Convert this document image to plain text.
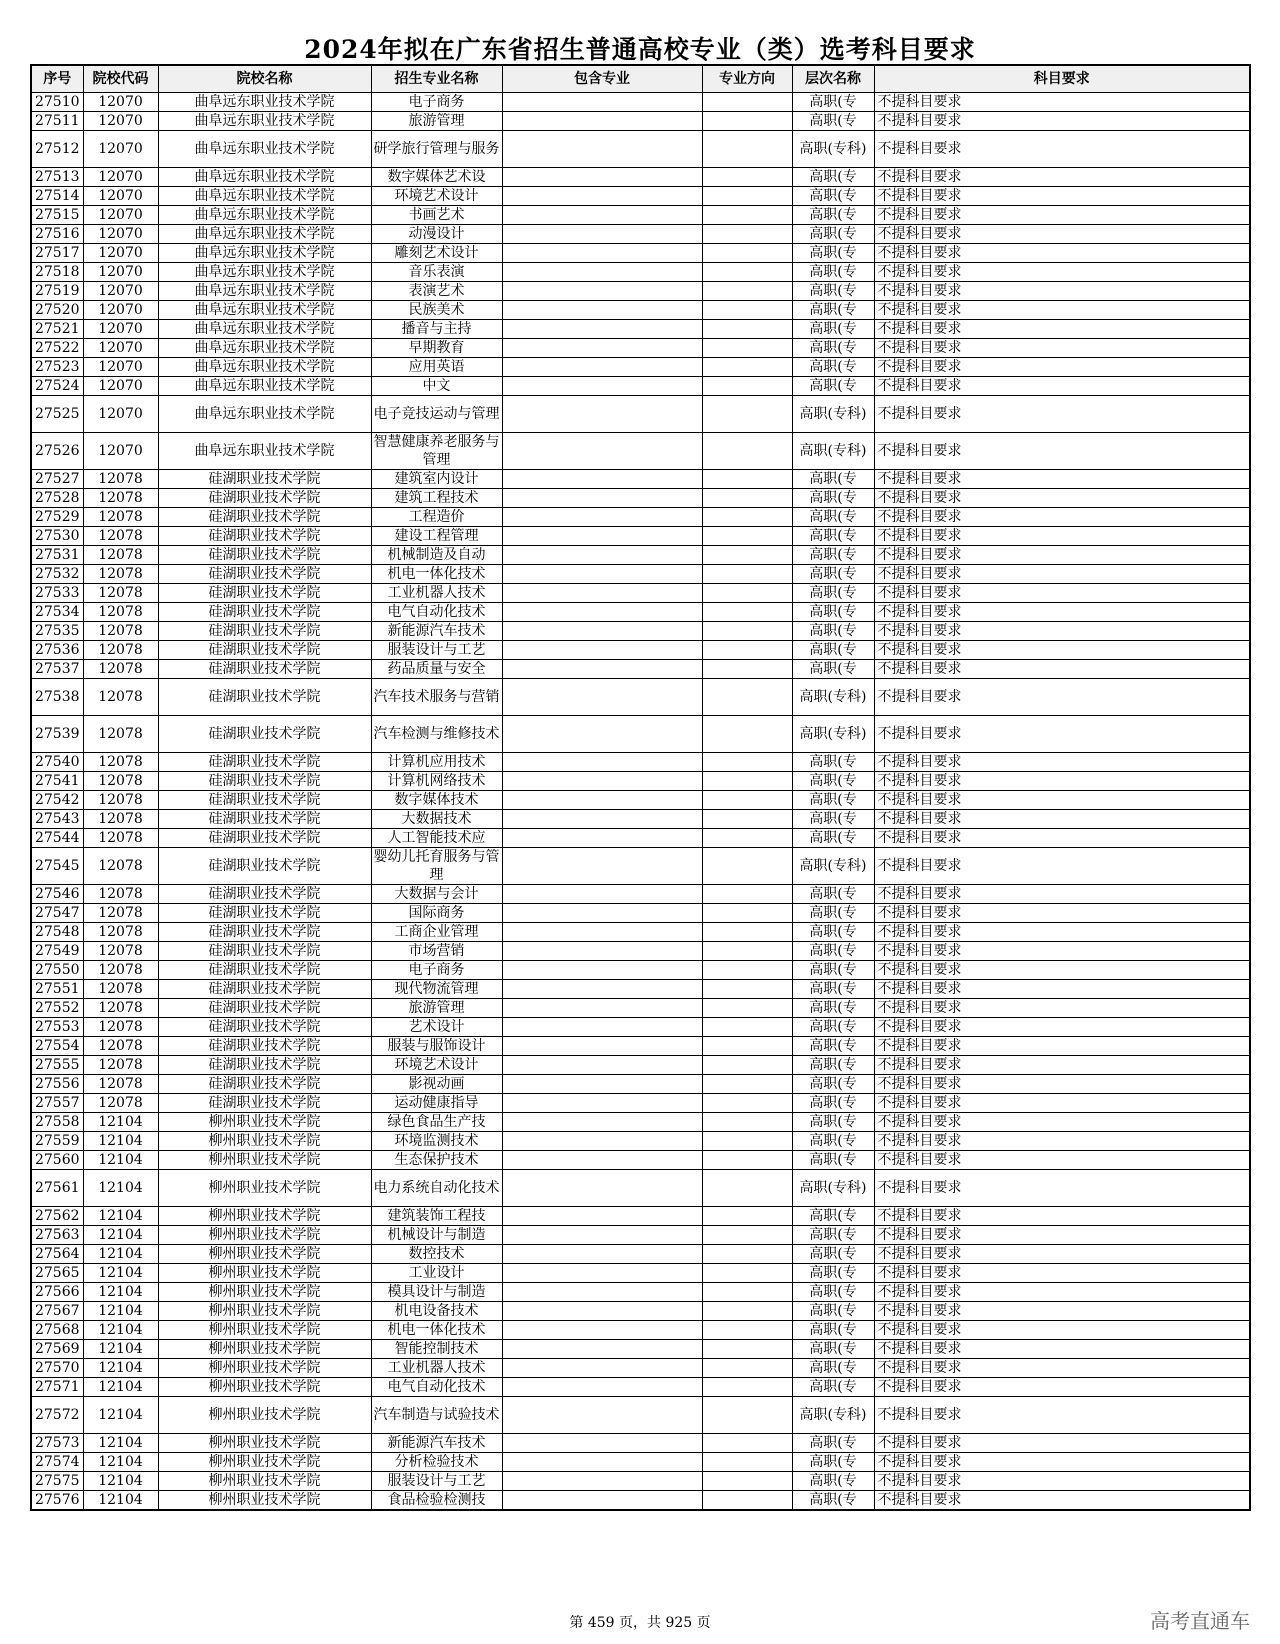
2024年拟在广东省招生普通高校专业（类）选考科目要求
序号	院校代码	院校名称	招生专业名称	包含专业	专业方向	层次名称	科目要求
27510	12070	曲阜远东职业技术学院	电子商务			高职(专	不提科目要求
27511	12070	曲阜远东职业技术学院	旅游管理			高职(专	不提科目要求
27512	12070	曲阜远东职业技术学院	研学旅行管理与服务			高职(专科)	不提科目要求
27513	12070	曲阜远东职业技术学院	数字媒体艺术设			高职(专	不提科目要求
27514	12070	曲阜远东职业技术学院	环境艺术设计			高职(专	不提科目要求
27515	12070	曲阜远东职业技术学院	书画艺术			高职(专	不提科目要求
27516	12070	曲阜远东职业技术学院	动漫设计			高职(专	不提科目要求
27517	12070	曲阜远东职业技术学院	雕刻艺术设计			高职(专	不提科目要求
27518	12070	曲阜远东职业技术学院	音乐表演			高职(专	不提科目要求
27519	12070	曲阜远东职业技术学院	表演艺术			高职(专	不提科目要求
27520	12070	曲阜远东职业技术学院	民族美术			高职(专	不提科目要求
27521	12070	曲阜远东职业技术学院	播音与主持			高职(专	不提科目要求
27522	12070	曲阜远东职业技术学院	早期教育			高职(专	不提科目要求
27523	12070	曲阜远东职业技术学院	应用英语			高职(专	不提科目要求
27524	12070	曲阜远东职业技术学院	中文			高职(专	不提科目要求
27525	12070	曲阜远东职业技术学院	电子竞技运动与管理			高职(专科)	不提科目要求
27526	12070	曲阜远东职业技术学院	智慧健康养老服务与管理			高职(专科)	不提科目要求
27527	12078	硅湖职业技术学院	建筑室内设计			高职(专	不提科目要求
27528	12078	硅湖职业技术学院	建筑工程技术			高职(专	不提科目要求
27529	12078	硅湖职业技术学院	工程造价			高职(专	不提科目要求
27530	12078	硅湖职业技术学院	建设工程管理			高职(专	不提科目要求
27531	12078	硅湖职业技术学院	机械制造及自动			高职(专	不提科目要求
27532	12078	硅湖职业技术学院	机电一体化技术			高职(专	不提科目要求
27533	12078	硅湖职业技术学院	工业机器人技术			高职(专	不提科目要求
27534	12078	硅湖职业技术学院	电气自动化技术			高职(专	不提科目要求
27535	12078	硅湖职业技术学院	新能源汽车技术			高职(专	不提科目要求
27536	12078	硅湖职业技术学院	服装设计与工艺			高职(专	不提科目要求
27537	12078	硅湖职业技术学院	药品质量与安全			高职(专	不提科目要求
27538	12078	硅湖职业技术学院	汽车技术服务与营销			高职(专科)	不提科目要求
27539	12078	硅湖职业技术学院	汽车检测与维修技术			高职(专科)	不提科目要求
27540	12078	硅湖职业技术学院	计算机应用技术			高职(专	不提科目要求
27541	12078	硅湖职业技术学院	计算机网络技术			高职(专	不提科目要求
27542	12078	硅湖职业技术学院	数字媒体技术			高职(专	不提科目要求
27543	12078	硅湖职业技术学院	大数据技术			高职(专	不提科目要求
27544	12078	硅湖职业技术学院	人工智能技术应			高职(专	不提科目要求
27545	12078	硅湖职业技术学院	婴幼儿托育服务与管理			高职(专科)	不提科目要求
27546	12078	硅湖职业技术学院	大数据与会计			高职(专	不提科目要求
27547	12078	硅湖职业技术学院	国际商务			高职(专	不提科目要求
27548	12078	硅湖职业技术学院	工商企业管理			高职(专	不提科目要求
27549	12078	硅湖职业技术学院	市场营销			高职(专	不提科目要求
27550	12078	硅湖职业技术学院	电子商务			高职(专	不提科目要求
27551	12078	硅湖职业技术学院	现代物流管理			高职(专	不提科目要求
27552	12078	硅湖职业技术学院	旅游管理			高职(专	不提科目要求
27553	12078	硅湖职业技术学院	艺术设计			高职(专	不提科目要求
27554	12078	硅湖职业技术学院	服装与服饰设计			高职(专	不提科目要求
27555	12078	硅湖职业技术学院	环境艺术设计			高职(专	不提科目要求
27556	12078	硅湖职业技术学院	影视动画			高职(专	不提科目要求
27557	12078	硅湖职业技术学院	运动健康指导			高职(专	不提科目要求
27558	12104	柳州职业技术学院	绿色食品生产技			高职(专	不提科目要求
27559	12104	柳州职业技术学院	环境监测技术			高职(专	不提科目要求
27560	12104	柳州职业技术学院	生态保护技术			高职(专	不提科目要求
27561	12104	柳州职业技术学院	电力系统自动化技术			高职(专科)	不提科目要求
27562	12104	柳州职业技术学院	建筑装饰工程技			高职(专	不提科目要求
27563	12104	柳州职业技术学院	机械设计与制造			高职(专	不提科目要求
27564	12104	柳州职业技术学院	数控技术			高职(专	不提科目要求
27565	12104	柳州职业技术学院	工业设计			高职(专	不提科目要求
27566	12104	柳州职业技术学院	模具设计与制造			高职(专	不提科目要求
27567	12104	柳州职业技术学院	机电设备技术			高职(专	不提科目要求
27568	12104	柳州职业技术学院	机电一体化技术			高职(专	不提科目要求
27569	12104	柳州职业技术学院	智能控制技术			高职(专	不提科目要求
27570	12104	柳州职业技术学院	工业机器人技术			高职(专	不提科目要求
27571	12104	柳州职业技术学院	电气自动化技术			高职(专	不提科目要求
27572	12104	柳州职业技术学院	汽车制造与试验技术			高职(专科)	不提科目要求
27573	12104	柳州职业技术学院	新能源汽车技术			高职(专	不提科目要求
27574	12104	柳州职业技术学院	分析检验技术			高职(专	不提科目要求
27575	12104	柳州职业技术学院	服装设计与工艺			高职(专	不提科目要求
27576	12104	柳州职业技术学院	食品检验检测技			高职(专	不提科目要求
第 459 页，共 925 页	高考直通车
